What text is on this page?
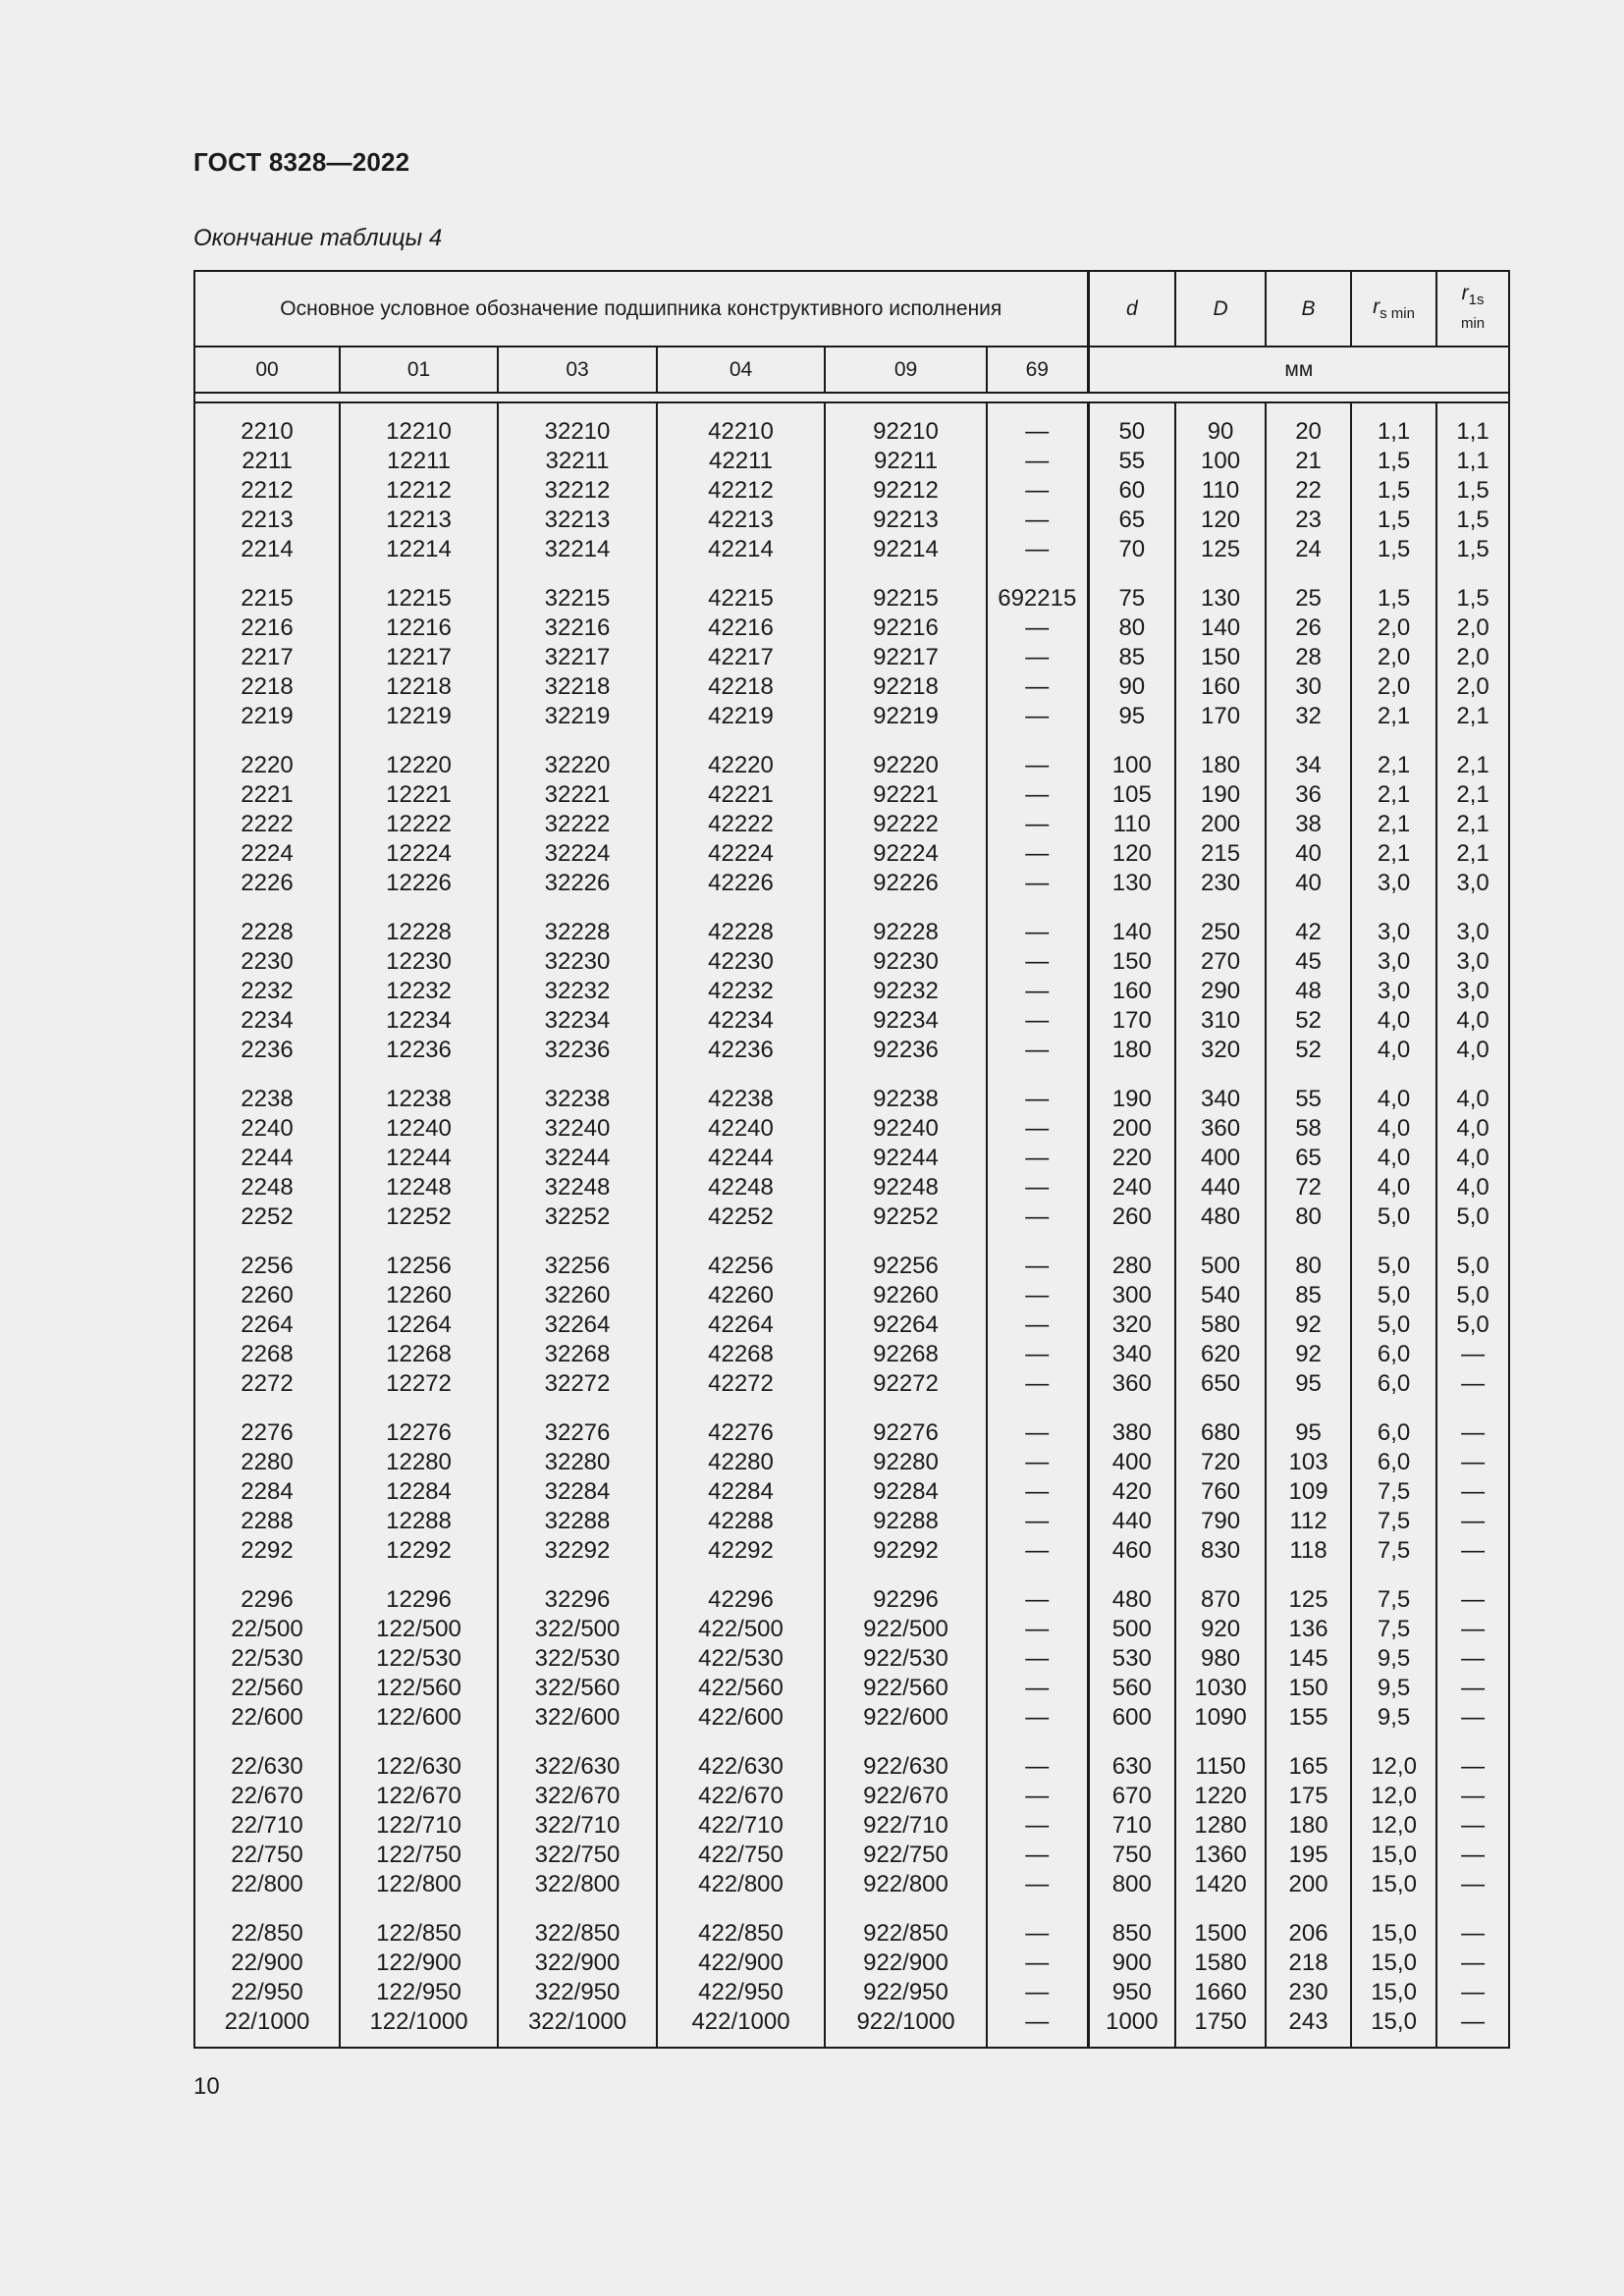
ГОСТ 8328—2022
Окончание таблицы 4
Основное условное обозначение подшипника конструктивного исполнения						d	D	B	$r_{s min}$	$r_{1s}$
min
00	01	03	04	09	69	мм				

2210	12210	32210	42210	92210	—	50	90	20	1,1	1,1
2211	12211	32211	42211	92211	—	55	100	21	1,5	1,1
2212	12212	32212	42212	92212	—	60	110	22	1,5	1,5
2213	12213	32213	42213	92213	—	65	120	23	1,5	1,5
2214	12214	32214	42214	92214	—	70	125	24	1,5	1,5

2215	12215	32215	42215	92215	692215	75	130	25	1,5	1,5
2216	12216	32216	42216	92216	—	80	140	26	2,0	2,0
2217	12217	32217	42217	92217	—	85	150	28	2,0	2,0
2218	12218	32218	42218	92218	—	90	160	30	2,0	2,0
2219	12219	32219	42219	92219	—	95	170	32	2,1	2,1

2220	12220	32220	42220	92220	—	100	180	34	2,1	2,1
2221	12221	32221	42221	92221	—	105	190	36	2,1	2,1
2222	12222	32222	42222	92222	—	110	200	38	2,1	2,1
2224	12224	32224	42224	92224	—	120	215	40	2,1	2,1
2226	12226	32226	42226	92226	—	130	230	40	3,0	3,0

2228	12228	32228	42228	92228	—	140	250	42	3,0	3,0
2230	12230	32230	42230	92230	—	150	270	45	3,0	3,0
2232	12232	32232	42232	92232	—	160	290	48	3,0	3,0
2234	12234	32234	42234	92234	—	170	310	52	4,0	4,0
2236	12236	32236	42236	92236	—	180	320	52	4,0	4,0

2238	12238	32238	42238	92238	—	190	340	55	4,0	4,0
2240	12240	32240	42240	92240	—	200	360	58	4,0	4,0
2244	12244	32244	42244	92244	—	220	400	65	4,0	4,0
2248	12248	32248	42248	92248	—	240	440	72	4,0	4,0
2252	12252	32252	42252	92252	—	260	480	80	5,0	5,0

2256	12256	32256	42256	92256	—	280	500	80	5,0	5,0
2260	12260	32260	42260	92260	—	300	540	85	5,0	5,0
2264	12264	32264	42264	92264	—	320	580	92	5,0	5,0
2268	12268	32268	42268	92268	—	340	620	92	6,0	—
2272	12272	32272	42272	92272	—	360	650	95	6,0	—

2276	12276	32276	42276	92276	—	380	680	95	6,0	—
2280	12280	32280	42280	92280	—	400	720	103	6,0	—
2284	12284	32284	42284	92284	—	420	760	109	7,5	—
2288	12288	32288	42288	92288	—	440	790	112	7,5	—
2292	12292	32292	42292	92292	—	460	830	118	7,5	—

2296	12296	32296	42296	92296	—	480	870	125	7,5	—
22/500	122/500	322/500	422/500	922/500	—	500	920	136	7,5	—
22/530	122/530	322/530	422/530	922/530	—	530	980	145	9,5	—
22/560	122/560	322/560	422/560	922/560	—	560	1030	150	9,5	—
22/600	122/600	322/600	422/600	922/600	—	600	1090	155	9,5	—

22/630	122/630	322/630	422/630	922/630	—	630	1150	165	12,0	—
22/670	122/670	322/670	422/670	922/670	—	670	1220	175	12,0	—
22/710	122/710	322/710	422/710	922/710	—	710	1280	180	12,0	—
22/750	122/750	322/750	422/750	922/750	—	750	1360	195	15,0	—
22/800	122/800	322/800	422/800	922/800	—	800	1420	200	15,0	—

22/850	122/850	322/850	422/850	922/850	—	850	1500	206	15,0	—
22/900	122/900	322/900	422/900	922/900	—	900	1580	218	15,0	—
22/950	122/950	322/950	422/950	922/950	—	950	1660	230	15,0	—
22/1000	122/1000	322/1000	422/1000	922/1000	—	1000	1750	243	15,0	—

10
